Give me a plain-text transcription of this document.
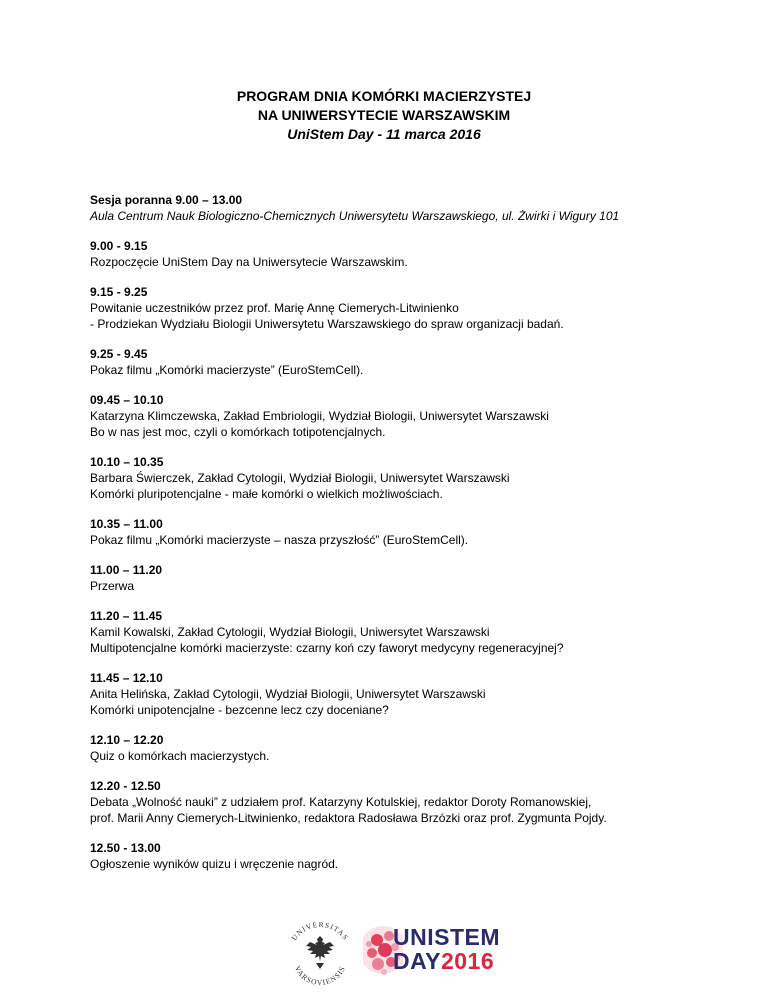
PROGRAM DNIA KOMÓRKI MACIERZYSTEJ
NA UNIWERSYTECIE WARSZAWSKIM
UniStem Day - 11 marca 2016

Sesja poranna 9.00 – 13.00

Aula Centrum Nauk Biologiczno-Chemicznych Uniwersytetu Warszawskiego, ul. Żwirki i Wigury 101

9.00 - 9.15

Rozpoczęcie UniStem Day na Uniwersytecie Warszawskim.

9.15 - 9.25

Powitanie uczestników przez prof. Marię Annę Ciemerych-Litwinienko

- Prodziekan Wydziału Biologii Uniwersytetu Warszawskiego do spraw organizacji badań.

9.25 - 9.45

Pokaz filmu „Komórki macierzyste” (EuroStemCell).

09.45 – 10.10

Katarzyna Klimczewska, Zakład Embriologii, Wydział Biologii, Uniwersytet Warszawski

Bo w nas jest moc, czyli o komórkach totipotencjalnych.

10.10 – 10.35

Barbara Świerczek, Zakład Cytologii, Wydział Biologii, Uniwersytet Warszawski

Komórki pluripotencjalne - małe komórki o wielkich możliwościach.

10.35 – 11.00

Pokaz filmu „Komórki macierzyste – nasza przyszłość” (EuroStemCell).

11.00 – 11.20

Przerwa

11.20 – 11.45

Kamil Kowalski, Zakład Cytologii, Wydział Biologii, Uniwersytet Warszawski

Multipotencjalne komórki macierzyste: czarny koń czy faworyt medycyny regeneracyjnej?

11.45 – 12.10

Anita Helińska, Zakład Cytologii, Wydział Biologii, Uniwersytet Warszawski

Komórki unipotencjalne - bezcenne lecz czy doceniane?

12.10 – 12.20

Quiz o komórkach macierzystych.

12.20 - 12.50

Debata „Wolność nauki” z udziałem prof. Katarzyny Kotulskiej, redaktor Doroty Romanowskiej,

prof. Marii Anny Ciemerych-Litwinienko, redaktora Radosława Brzózki oraz prof. Zygmunta Pojdy.

12.50 - 13.00

Ogłoszenie wyników quizu i wręczenie nagród.

UNIVERSITAS
VARSOVIENSIS
UNISTEM
DAY2016
